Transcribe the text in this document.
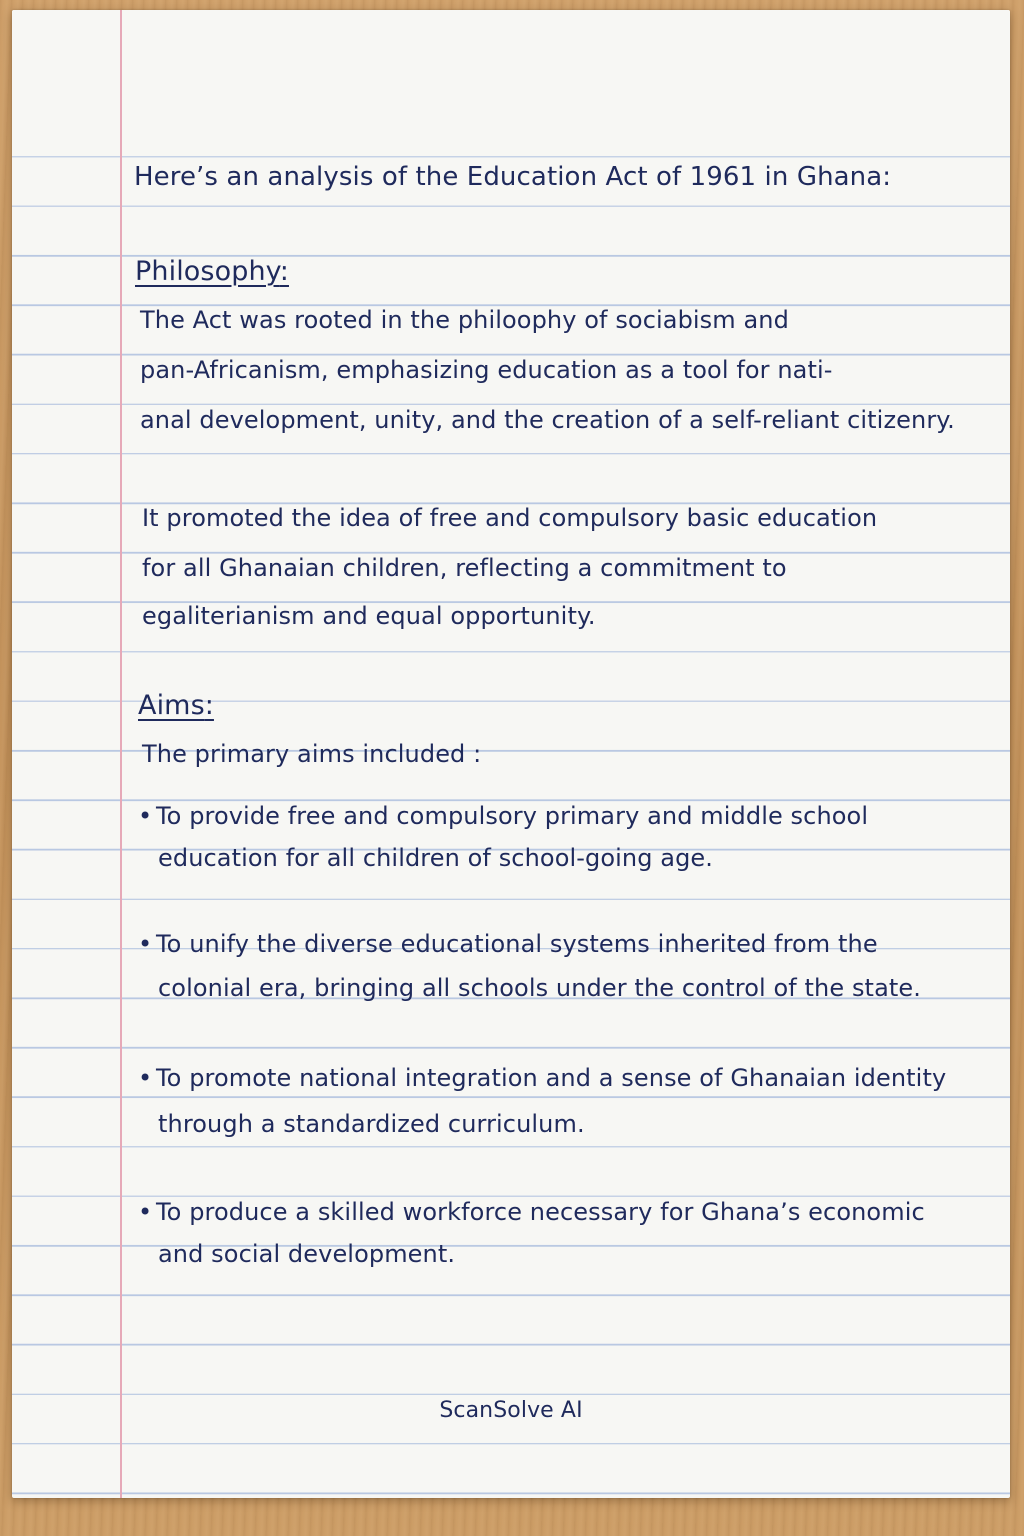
Here’s an analysis of the Education Act of 1961 in Ghana:
Philosophy:
The Act was rooted in the philoophy of sociabism and
pan-Africanism, emphasizing education as a tool for nati-
anal development, unity, and the creation of a self-reliant citizenry.
It promoted the idea of free and compulsory basic education
for all Ghanaian children, reflecting a commitment to
egaliterianism and equal opportunity.
Aims:
The primary aims included :
• To provide free and compulsory primary and middle school
education for all children of school-going age.
• To unify the diverse educational systems inherited from the
colonial era, bringing all schools under the control of the state.
• To promote national integration and a sense of Ghanaian identity
through a standardized curriculum.
• To produce a skilled workforce necessary for Ghana’s economic
and social development.
ScanSolve AI
